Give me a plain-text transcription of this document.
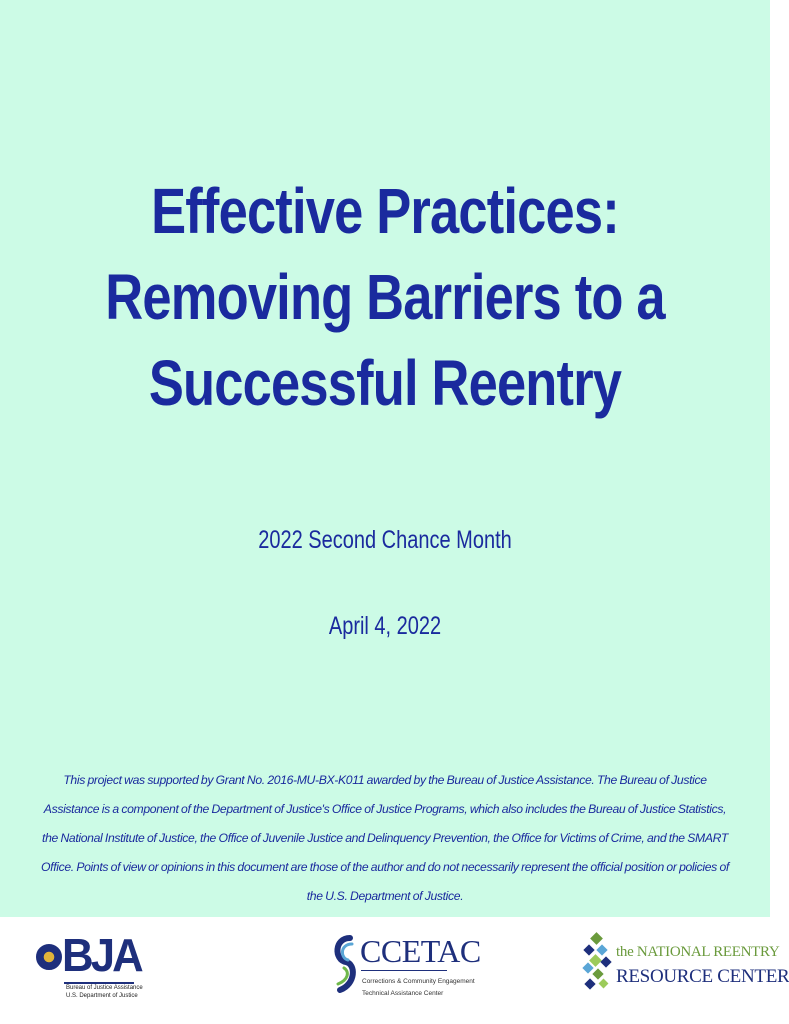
Effective Practices:
Removing Barriers to a
Successful Reentry
2022 Second Chance Month
April 4, 2022
This project was supported by Grant No. 2016-MU-BX-K011 awarded by the Bureau of Justice Assistance. The Bureau of Justice Assistance is a component of the Department of Justice's Office of Justice Programs, which also includes the Bureau of Justice Statistics, the National Institute of Justice, the Office of Juvenile Justice and Delinquency Prevention, the Office for Victims of Crime, and the SMART Office. Points of view or opinions in this document are those of the author and do not necessarily represent the official position or policies of the U.S. Department of Justice.
BJA
Bureau of Justice Assistance
U.S. Department of Justice
CCETAC
Corrections & Community Engagement
Technical Assistance Center
the NATIONAL REENTRY
RESOURCE CENTER
